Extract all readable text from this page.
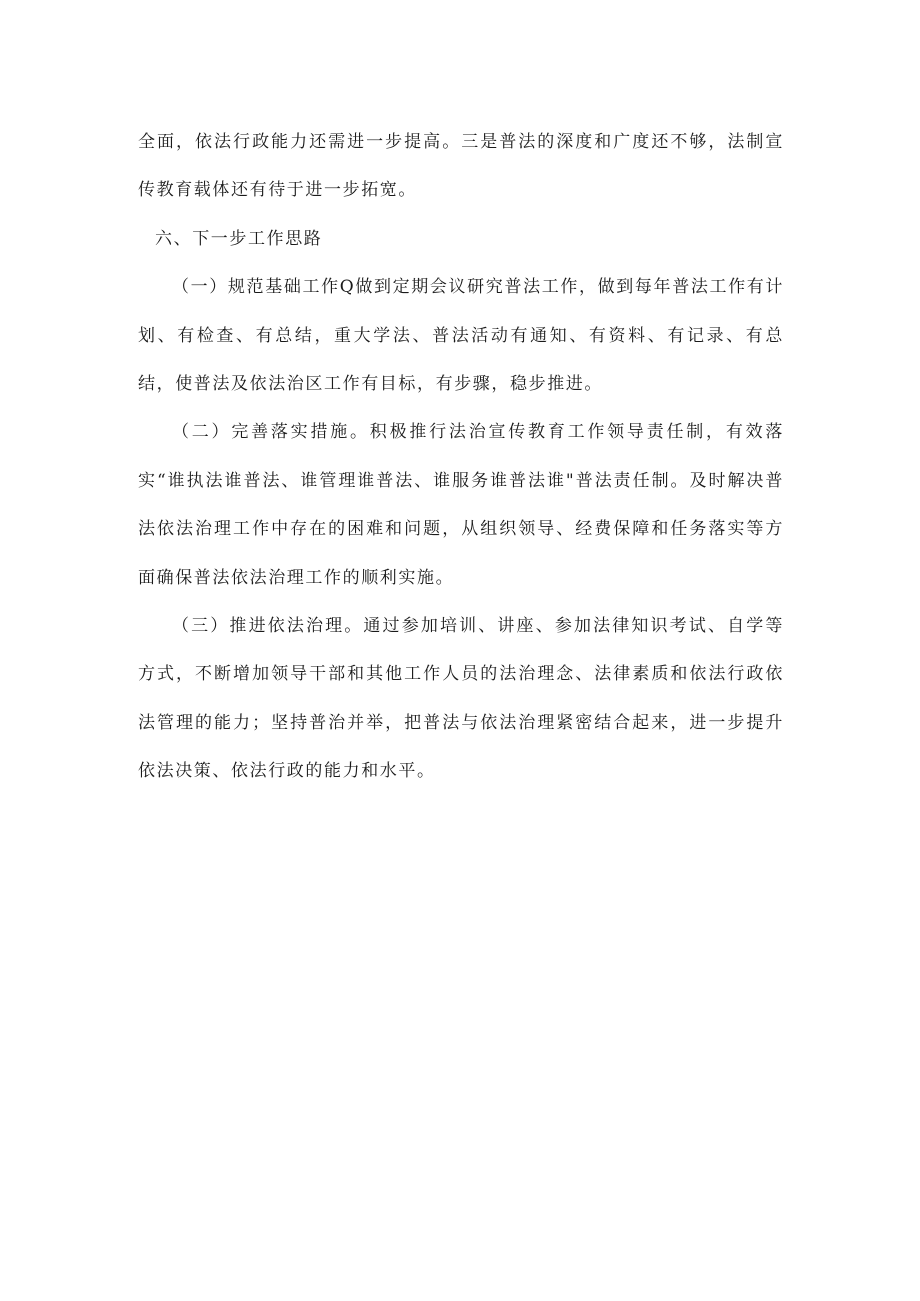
全面，依法行政能力还需进一步提高。三是普法的深度和广度还不够，法制宣传教育载体还有待于进一步拓宽。

六、下一步工作思路

（一）规范基础工作Q做到定期会议研究普法工作，做到每年普法工作有计划、有检查、有总结，重大学法、普法活动有通知、有资料、有记录、有总结，使普法及依法治区工作有目标，有步骤，稳步推进。

（二）完善落实措施。积极推行法治宣传教育工作领导责任制，有效落实“谁执法谁普法、谁管理谁普法、谁服务谁普法谁"普法责任制。及时解决普法依法治理工作中存在的困难和问题，从组织领导、经费保障和任务落实等方面确保普法依法治理工作的顺利实施。

（三）推进依法治理。通过参加培训、讲座、参加法律知识考试、自学等方式，不断增加领导干部和其他工作人员的法治理念、法律素质和依法行政依法管理的能力；坚持普治并举，把普法与依法治理紧密结合起来，进一步提升依法决策、依法行政的能力和水平。
